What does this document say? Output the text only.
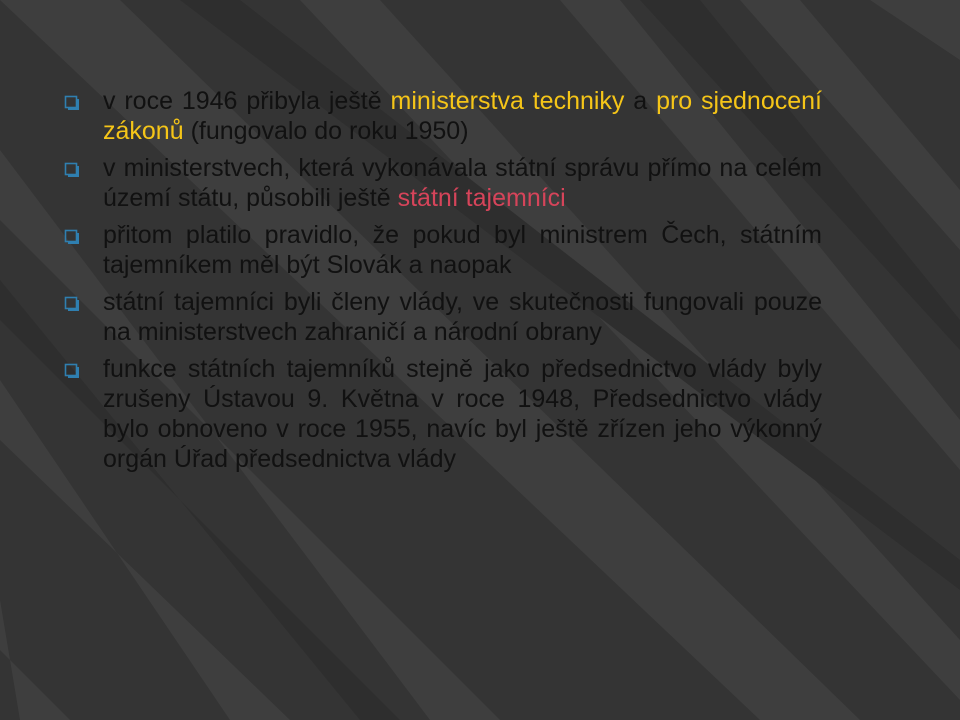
v roce 1946 přibyla ještě ministerstva techniky a pro sjednocení zákonů (fungovalo do roku 1950)
v ministerstvech, která vykonávala státní správu přímo na celém území státu, působili ještě státní tajemníci
přitom platilo pravidlo, že pokud byl ministrem Čech, státním tajemníkem měl být Slovák a naopak
státní tajemníci byli členy vlády, ve skutečnosti fungovali pouze na ministerstvech zahraničí a národní obrany
funkce státních tajemníků stejně jako předsednictvo vlády byly zrušeny Ústavou 9. Května v roce 1948, Předsednictvo vlády bylo obnoveno v roce 1955, navíc byl ještě zřízen jeho výkonný orgán Úřad předsednictva vlády
